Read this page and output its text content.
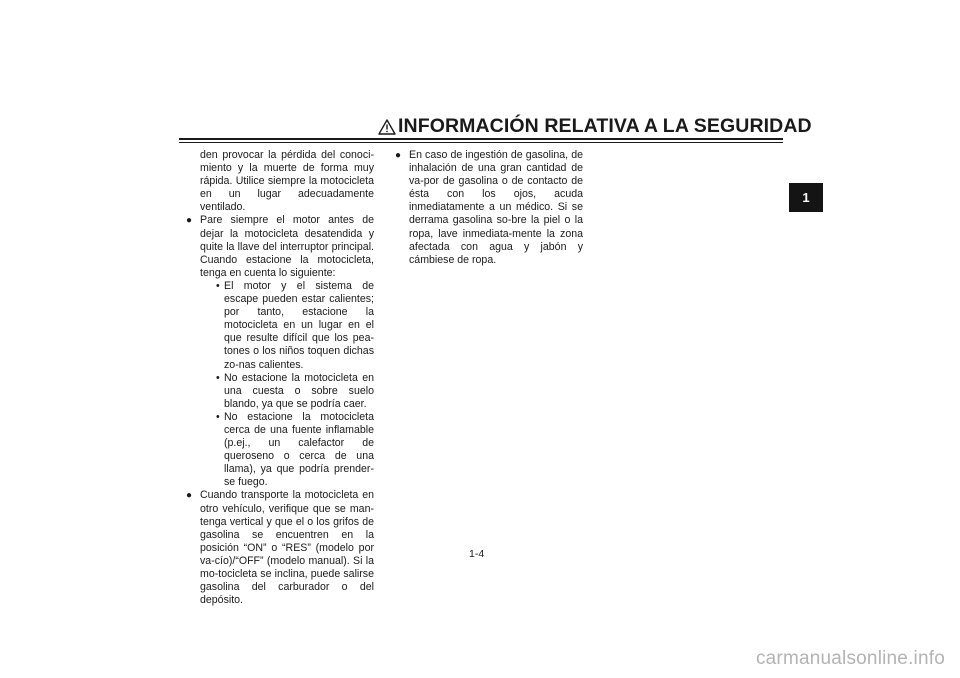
INFORMACIÓN RELATIVA A LA SEGURIDAD
1

den provocar la pérdida del conoci-miento y la muerte de forma muy rápida. Utilice siempre la motocicleta en un lugar adecuadamente ventilado.

● Pare siempre el motor antes de dejar la motocicleta desatendida y quite la llave del interruptor principal. Cuando estacione la motocicleta, tenga en cuenta lo siguiente:

• El motor y el sistema de escape pueden estar calientes; por tanto, estacione la motocicleta en un lugar en el que resulte difícil que los pea-tones o los niños toquen dichas zo-nas calientes.

• No estacione la motocicleta en una cuesta o sobre suelo blando, ya que se podría caer.

• No estacione la motocicleta cerca de una fuente inflamable (p.ej., un calefactor de queroseno o cerca de una llama), ya que podría prender-se fuego.

● Cuando transporte la motocicleta en otro vehículo, verifique que se man-tenga vertical y que el o los grifos de gasolina se encuentren en la posición “ON” o “RES” (modelo por va-cío)/“OFF” (modelo manual). Si la mo-tocicleta se inclina, puede salirse gasolina del carburador o del depósito.

● En caso de ingestión de gasolina, de inhalación de una gran cantidad de va-por de gasolina o de contacto de ésta con los ojos, acuda inmediatamente a un médico. Si se derrama gasolina so-bre la piel o la ropa, lave inmediata-mente la zona afectada con agua y jabón y cámbiese de ropa.

1-4
carmanualsonline.info
